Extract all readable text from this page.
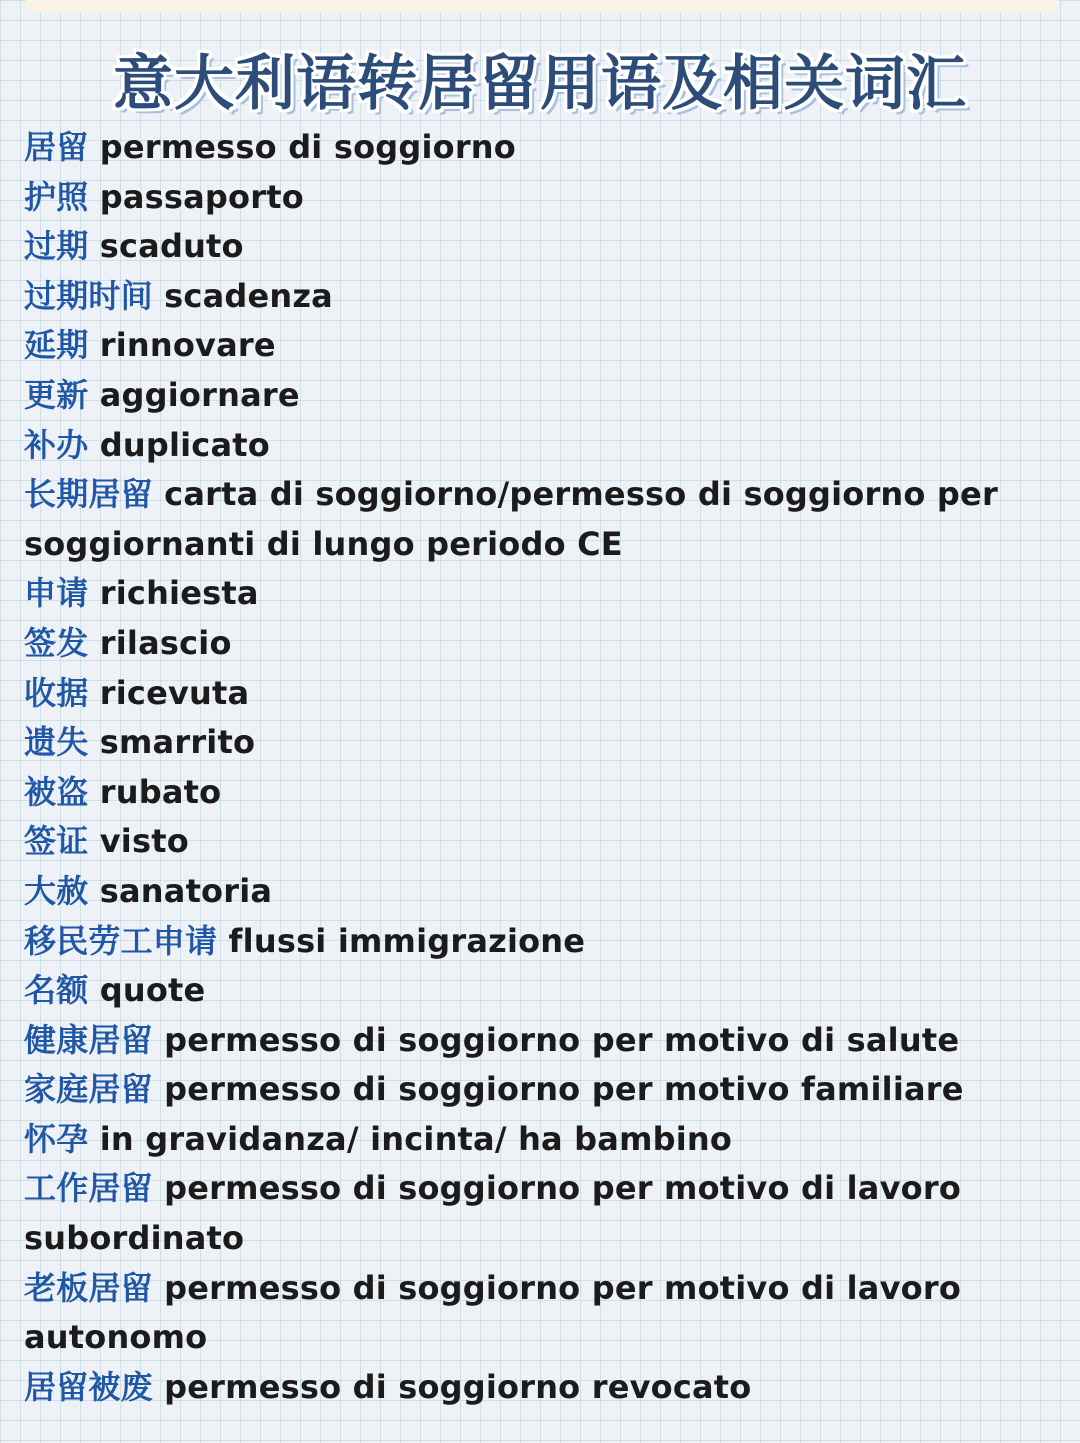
意大利语转居留用语及相关词汇
居留 permesso di soggiorno
护照 passaporto
过期 scaduto
过期时间 scadenza
延期 rinnovare
更新 aggiornare
补办 duplicato
长期居留 carta di soggiorno/permesso di soggiorno per soggiornanti di lungo periodo CE
申请 richiesta
签发 rilascio
收据 ricevuta
遗失 smarrito
被盗 rubato
签证 visto
大赦 sanatoria
移民劳工申请 flussi immigrazione
名额 quote
健康居留 permesso di soggiorno per motivo di salute
家庭居留 permesso di soggiorno per motivo familiare
怀孕 in gravidanza/ incinta/ ha bambino
工作居留 permesso di soggiorno per motivo di lavoro subordinato
老板居留 permesso di soggiorno per motivo di lavoro autonomo
居留被废 permesso di soggiorno revocato
